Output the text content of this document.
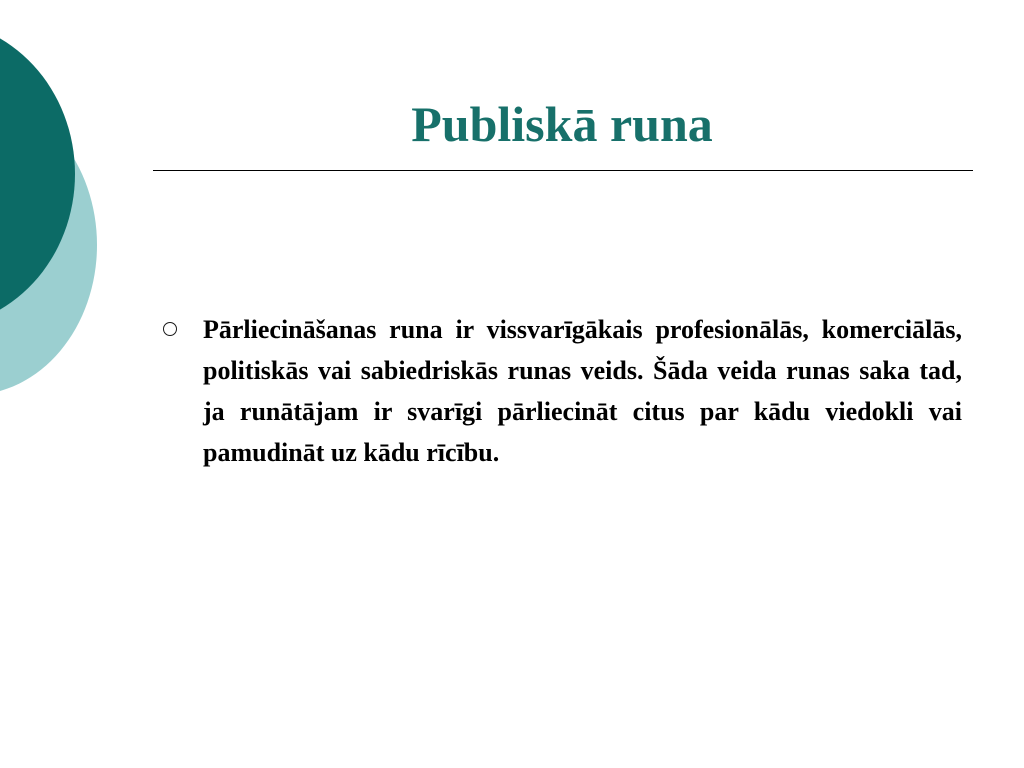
Publiskā runa

Pārliecināšanas runa ir vissvarīgākais profesionālās, komerciālās, politiskās vai sabiedriskās runas veids. Šāda veida runas saka tad, ja runātājam ir svarīgi pārliecināt citus par kādu viedokli vai pamudināt uz kādu rīcību.
